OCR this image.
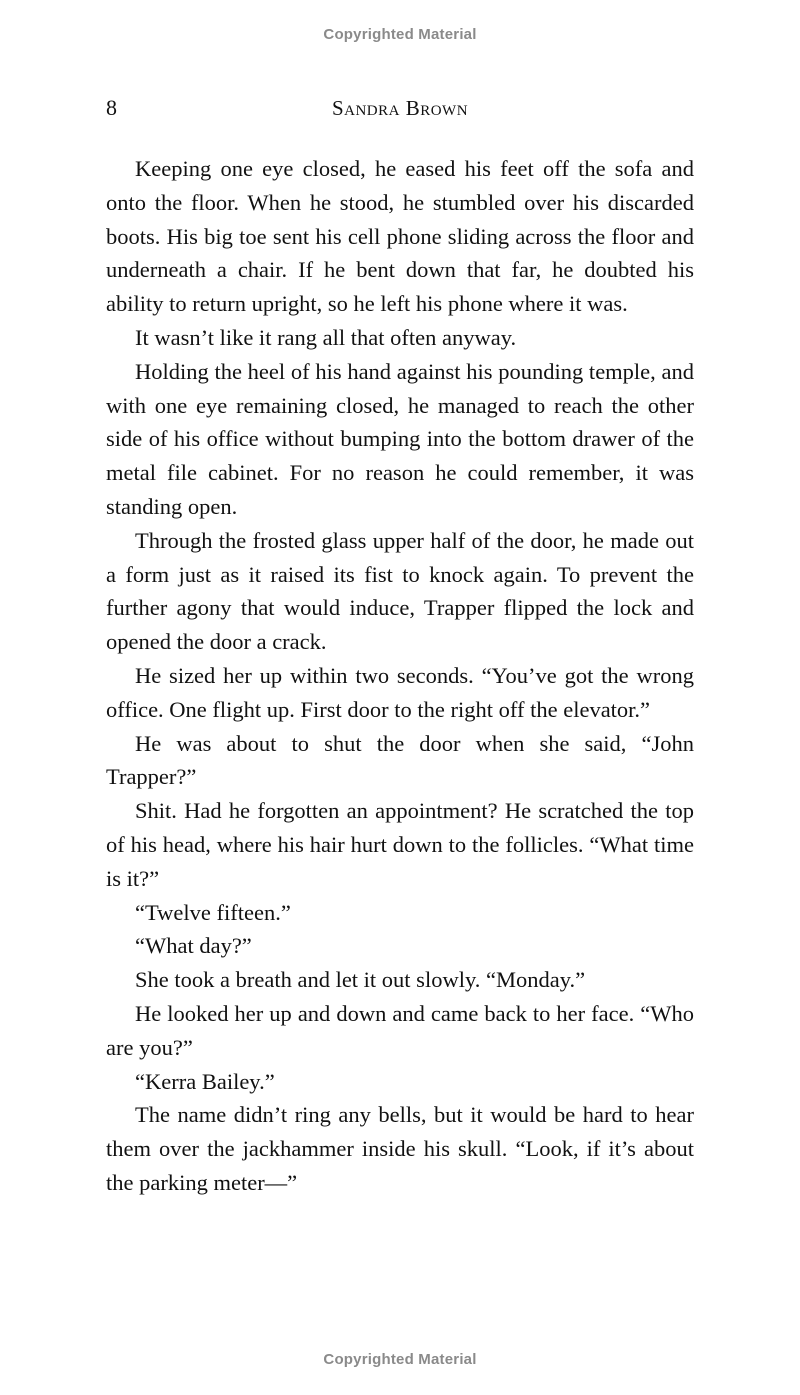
Copyrighted Material
8	Sandra Brown

Keeping one eye closed, he eased his feet off the sofa and onto the floor. When he stood, he stumbled over his discarded boots. His big toe sent his cell phone sliding across the floor and underneath a chair. If he bent down that far, he doubted his ability to return upright, so he left his phone where it was.

It wasn’t like it rang all that often anyway.

Holding the heel of his hand against his pounding temple, and with one eye remaining closed, he managed to reach the other side of his office without bumping into the bottom drawer of the metal file cabinet. For no reason he could remember, it was standing open.

Through the frosted glass upper half of the door, he made out a form just as it raised its fist to knock again. To prevent the further agony that would induce, Trapper flipped the lock and opened the door a crack.

He sized her up within two seconds. “You’ve got the wrong office. One flight up. First door to the right off the elevator.”

He was about to shut the door when she said, “John Trapper?”

Shit. Had he forgotten an appointment? He scratched the top of his head, where his hair hurt down to the follicles. “What time is it?”

“Twelve fifteen.”

“What day?”

She took a breath and let it out slowly. “Monday.”

He looked her up and down and came back to her face. “Who are you?”

“Kerra Bailey.”

The name didn’t ring any bells, but it would be hard to hear them over the jackhammer inside his skull. “Look, if it’s about the parking meter—”

Copyrighted Material
